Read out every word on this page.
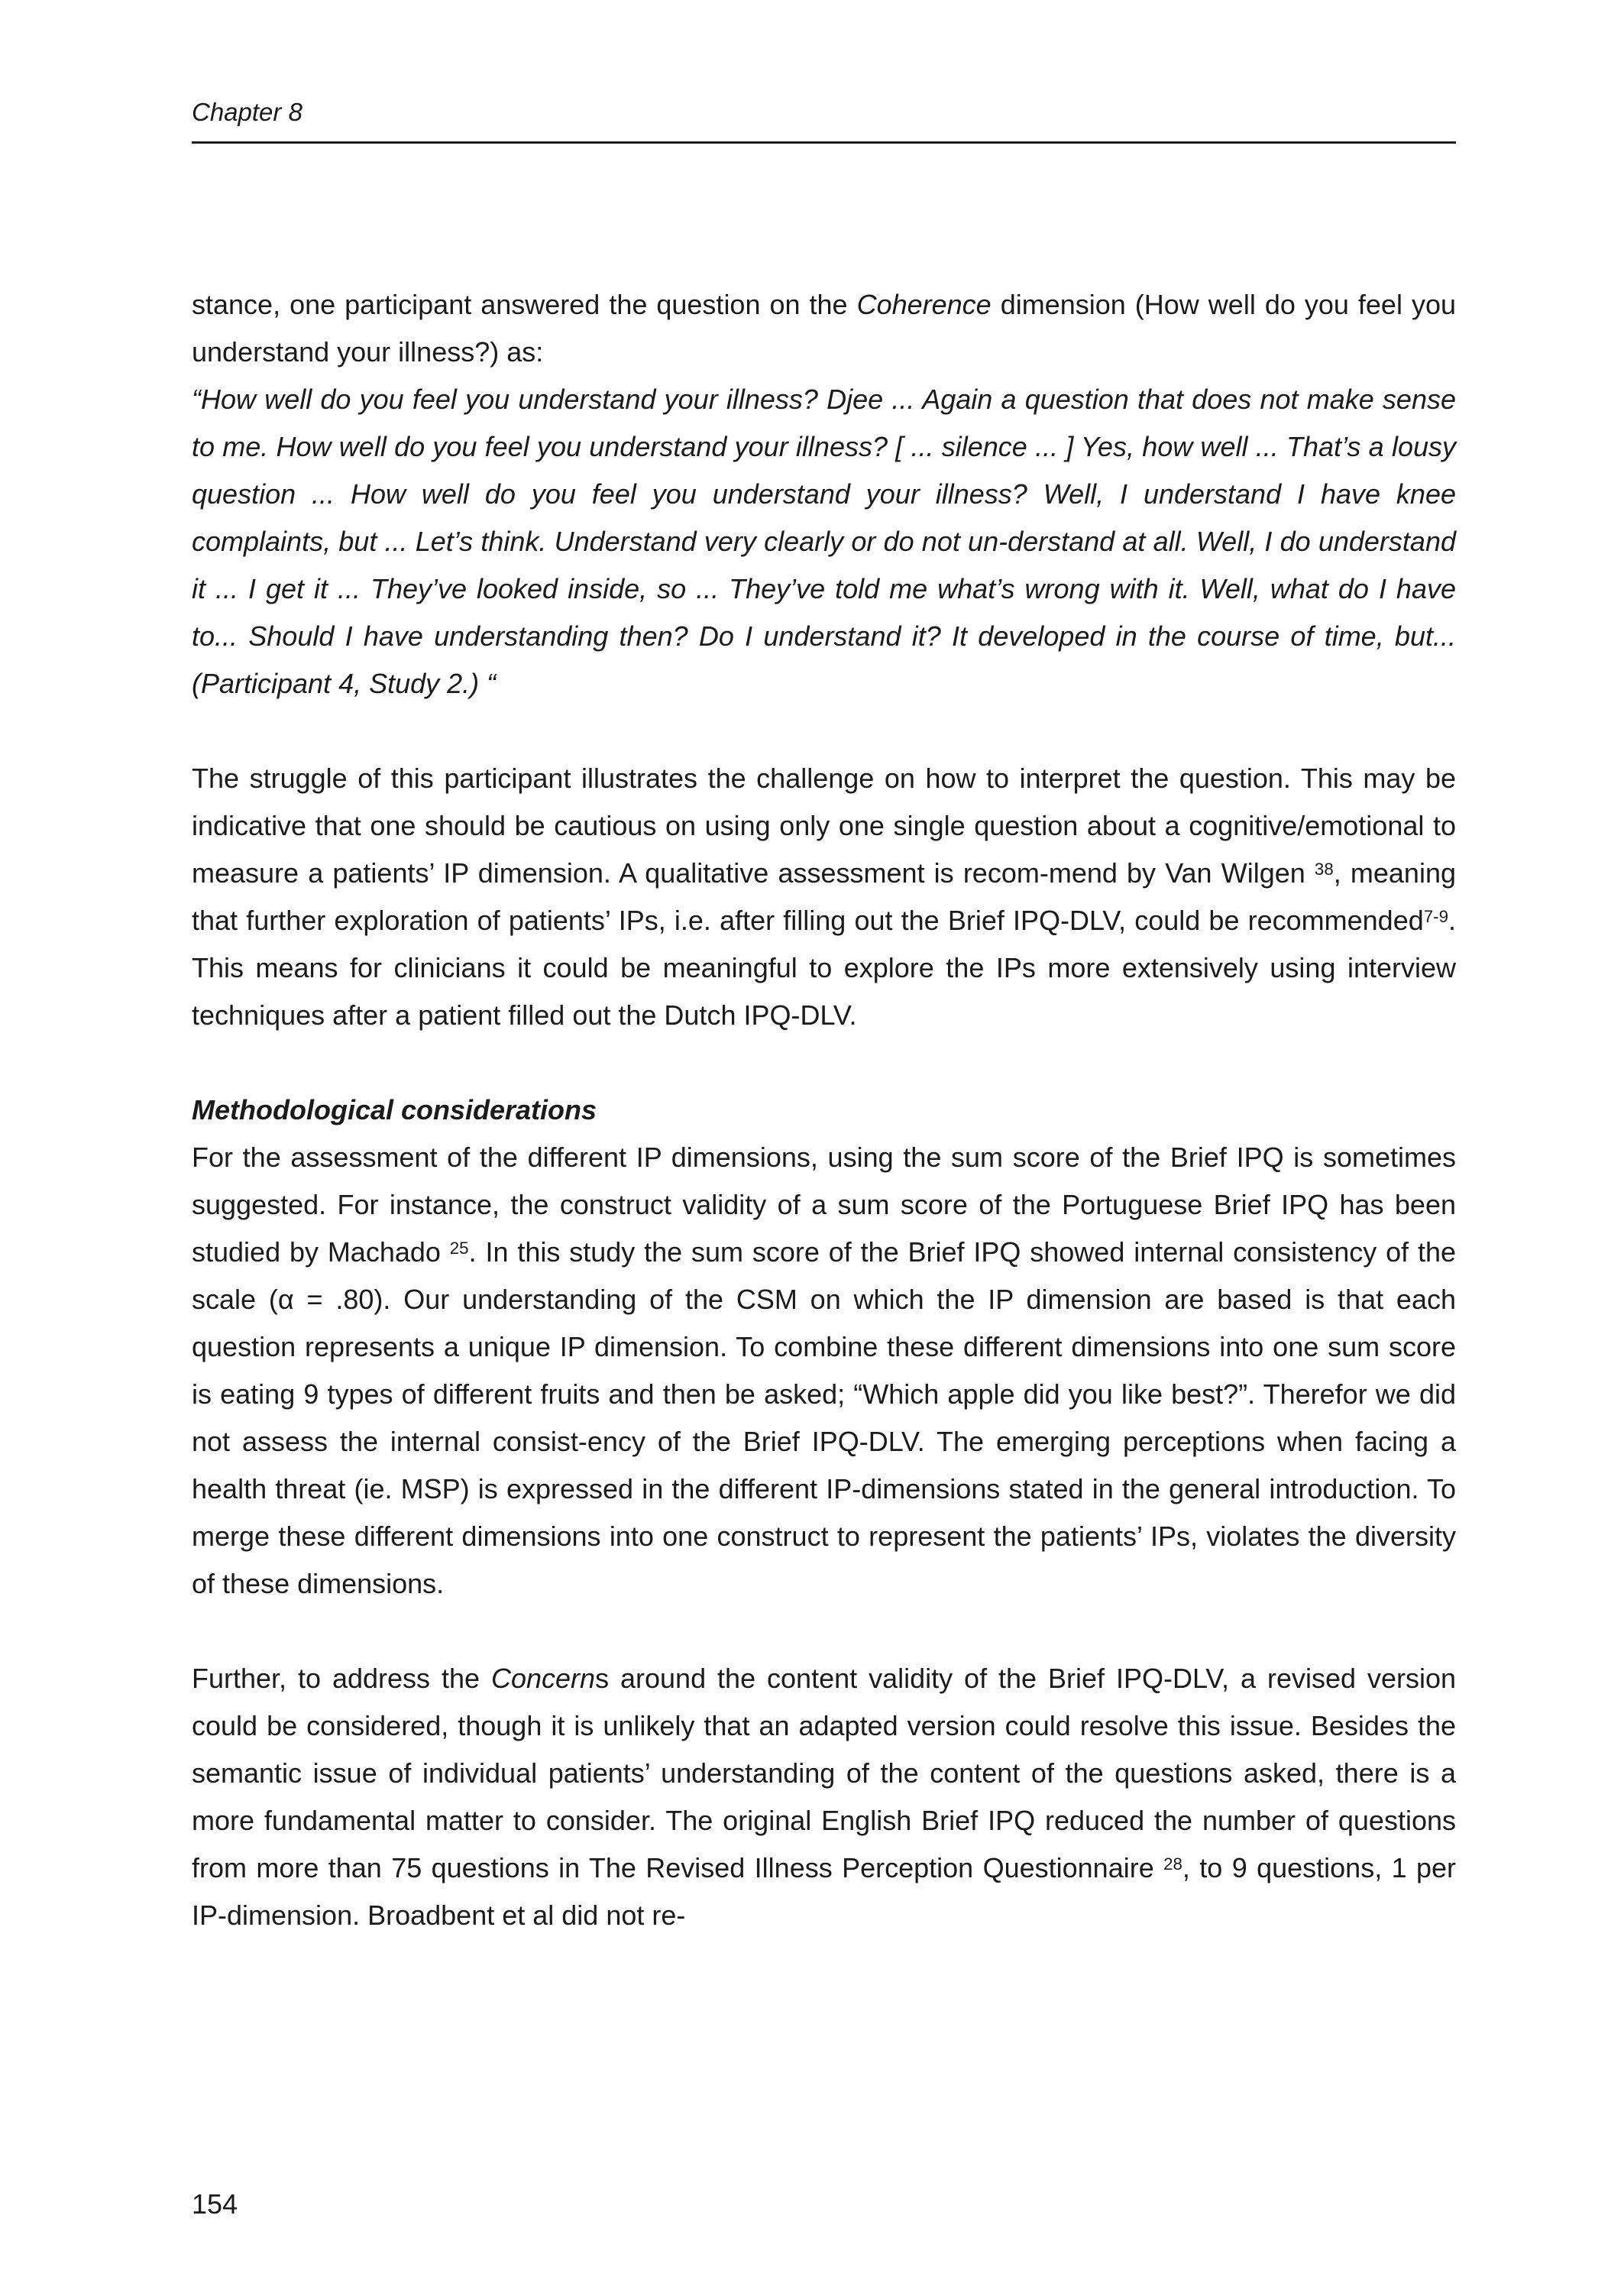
Chapter 8

stance, one participant answered the question on the Coherence dimension (How well do you feel you understand your illness?) as:

“How well do you feel you understand your illness? Djee ... Again a question that does not make sense to me. How well do you feel you understand your illness? [ ... silence ... ] Yes, how well ... That’s a lousy question ... How well do you feel you understand your illness? Well, I understand I have knee complaints, but ... Let’s think. Understand very clearly or do not un-derstand at all. Well, I do understand it ... I get it ... They’ve looked inside, so ... They’ve told me what’s wrong with it. Well, what do I have to... Should I have understanding then? Do I understand it? It developed in the course of time, but... (Participant 4, Study 2.) “

The struggle of this participant illustrates the challenge on how to interpret the question. This may be indicative that one should be cautious on using only one single question about a cognitive/emotional to measure a patients’ IP dimension. A qualitative assessment is recom-mend by Van Wilgen $^{38}$, meaning that further exploration of patients’ IPs, i.e. after filling out the Brief IPQ-DLV, could be recommended$^{7-9}$. This means for clinicians it could be meaningful to explore the IPs more extensively using interview techniques after a patient filled out the Dutch IPQ-DLV.

Methodological considerations

For the assessment of the different IP dimensions, using the sum score of the Brief IPQ is sometimes suggested. For instance, the construct validity of a sum score of the Portuguese Brief IPQ has been studied by Machado $^{25}$. In this study the sum score of the Brief IPQ showed internal consistency of the scale (α = .80). Our understanding of the CSM on which the IP dimension are based is that each question represents a unique IP dimension. To combine these different dimensions into one sum score is eating 9 types of different fruits and then be asked; “Which apple did you like best?”. Therefor we did not assess the internal consist-ency of the Brief IPQ-DLV. The emerging perceptions when facing a health threat (ie. MSP) is expressed in the different IP-dimensions stated in the general introduction. To merge these different dimensions into one construct to represent the patients’ IPs, violates the diversity of these dimensions.

Further, to address the Concerns around the content validity of the Brief IPQ-DLV, a revised version could be considered, though it is unlikely that an adapted version could resolve this issue. Besides the semantic issue of individual patients’ understanding of the content of the questions asked, there is a more fundamental matter to consider. The original English Brief IPQ reduced the number of questions from more than 75 questions in The Revised Illness Perception Questionnaire $^{28}$, to 9 questions, 1 per IP-dimension. Broadbent et al did not re-

154
